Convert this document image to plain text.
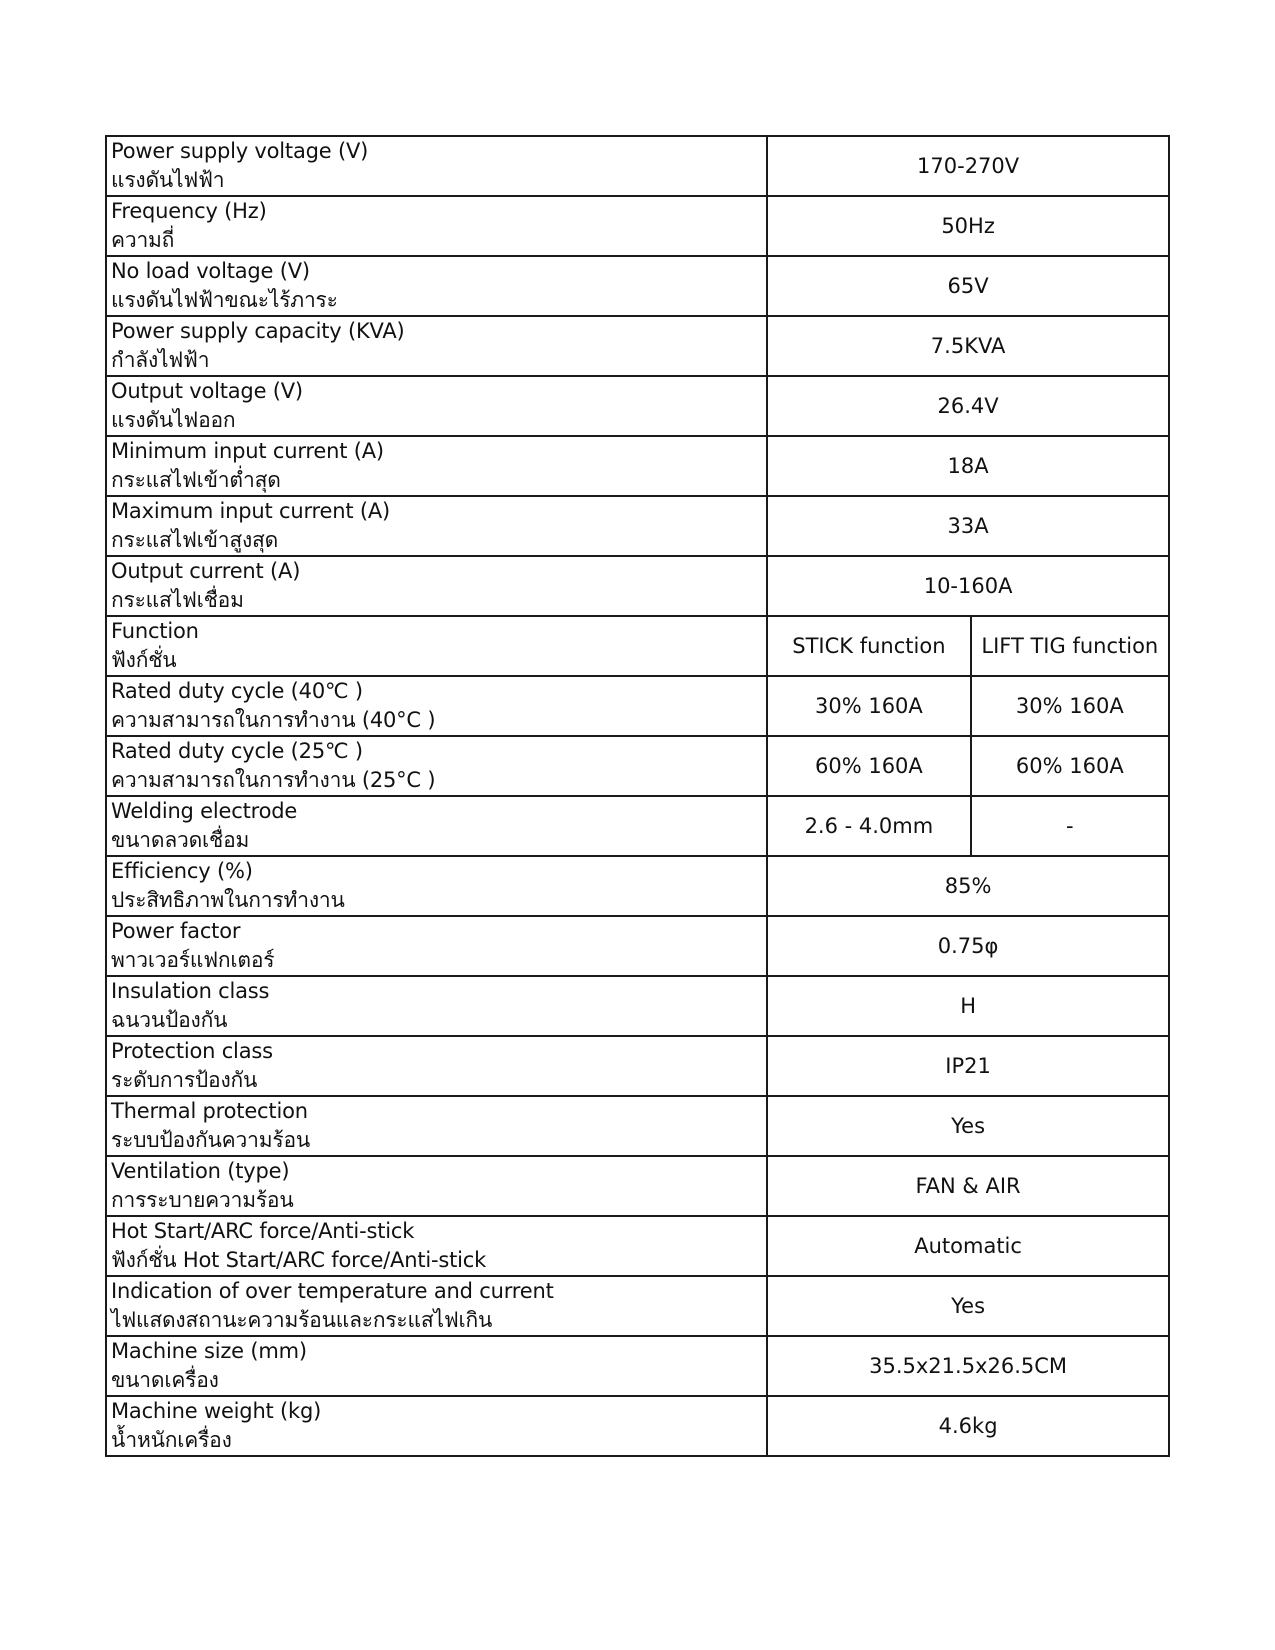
Power supply voltage (V)
แรงดันไฟฟ้า	170-270V	

Frequency (Hz)
ความถี่	50Hz	

No load voltage (V)
แรงดันไฟฟ้าขณะไร้ภาระ	65V	

Power supply capacity (KVA)
กำลังไฟฟ้า	7.5KVA	

Output voltage (V)
แรงดันไฟออก	26.4V	

Minimum input current (A)
กระแสไฟเข้าต่ำสุด	18A	

Maximum input current (A)
กระแสไฟเข้าสูงสุด	33A	

Output current (A)
กระแสไฟเชื่อม	10-160A	

Function
ฟังก์ชั่น	STICK function	LIFT TIG function

Rated duty cycle (40℃ )
ความสามารถในการทำงาน (40°C )	30% 160A	30% 160A

Rated duty cycle (25℃ )
ความสามารถในการทำงาน (25°C )	60% 160A	60% 160A

Welding electrode
ขนาดลวดเชื่อม	2.6 - 4.0mm	-

Efficiency (%)
ประสิทธิภาพในการทำงาน	85%	

Power factor
พาวเวอร์แฟกเตอร์	0.75φ	

Insulation class
ฉนวนป้องกัน	H	

Protection class
ระดับการป้องกัน	IP21	

Thermal protection
ระบบป้องกันความร้อน	Yes	

Ventilation (type)
การระบายความร้อน	FAN & AIR	

Hot Start/ARC force/Anti-stick
ฟังก์ชั่น Hot Start/ARC force/Anti-stick	Automatic	

Indication of over temperature and current
ไฟแสดงสถานะความร้อนและกระแสไฟเกิน	Yes	

Machine size (mm)
ขนาดเครื่อง	35.5x21.5x26.5CM	

Machine weight (kg)
น้ำหนักเครื่อง	4.6kg	
